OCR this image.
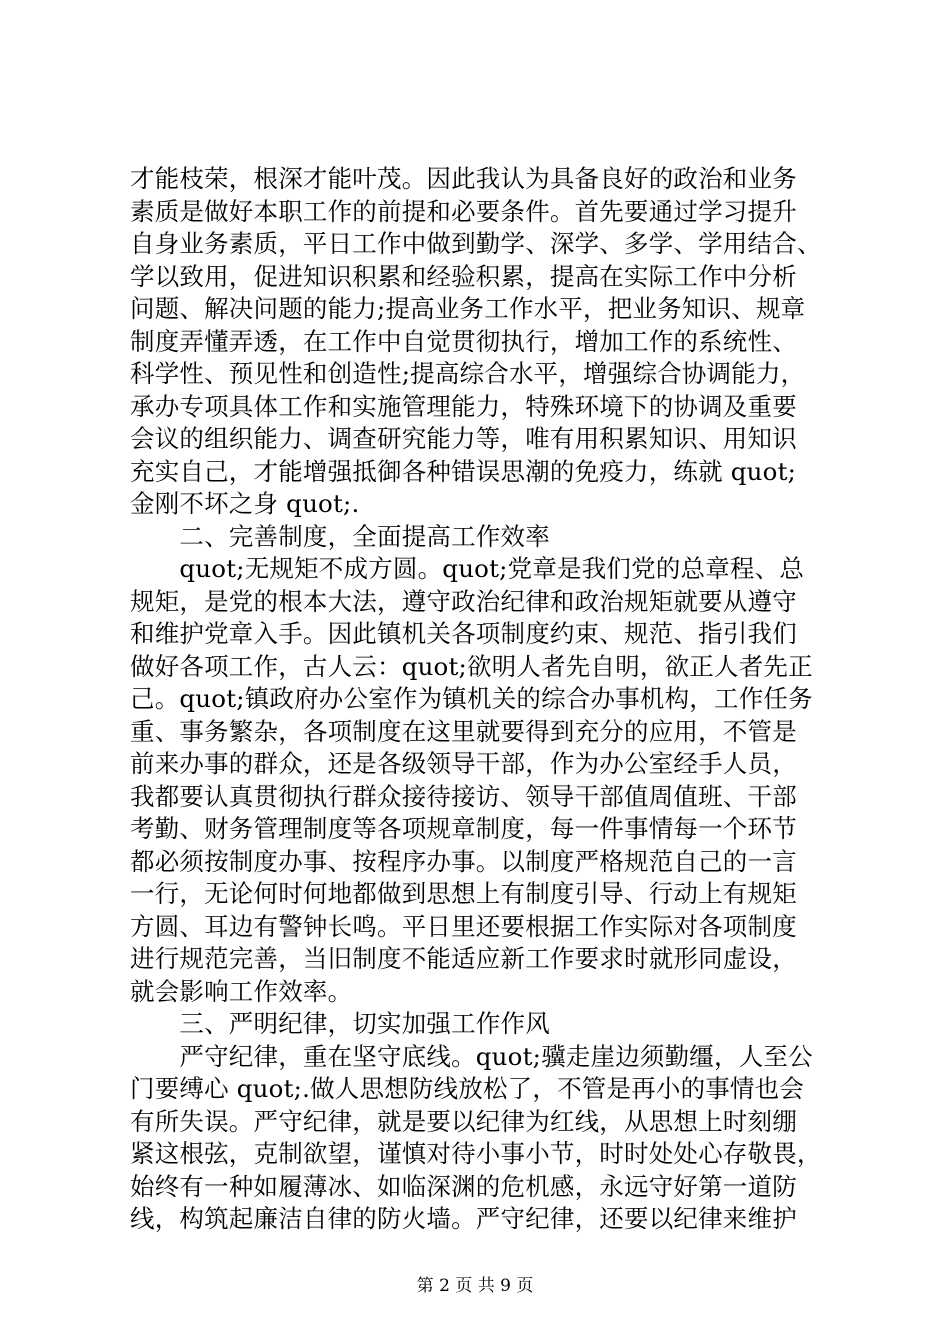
才能枝荣，根深才能叶茂。因此我认为具备良好的政治和业务
素质是做好本职工作的前提和必要条件。首先要通过学习提升
自身业务素质，平日工作中做到勤学、深学、多学、学用结合、
学以致用，促进知识积累和经验积累，提高在实际工作中分析
问题、解决问题的能力;提高业务工作水平，把业务知识、规章
制度弄懂弄透，在工作中自觉贯彻执行，增加工作的系统性、
科学性、预见性和创造性;提高综合水平，增强综合协调能力，
承办专项具体工作和实施管理能力，特殊环境下的协调及重要
会议的组织能力、调查研究能力等，唯有用积累知识、用知识
充实自己，才能增强抵御各种错误思潮的免疫力，练就 quot;
金刚不坏之身 quot;.
　　二、完善制度，全面提高工作效率
　　quot;无规矩不成方圆。quot;党章是我们党的总章程、总
规矩，是党的根本大法，遵守政治纪律和政治规矩就要从遵守
和维护党章入手。因此镇机关各项制度约束、规范、指引我们
做好各项工作，古人云：quot;欲明人者先自明，欲正人者先正
己。quot;镇政府办公室作为镇机关的综合办事机构，工作任务
重、事务繁杂，各项制度在这里就要得到充分的应用，不管是
前来办事的群众，还是各级领导干部，作为办公室经手人员，
我都要认真贯彻执行群众接待接访、领导干部值周值班、干部
考勤、财务管理制度等各项规章制度，每一件事情每一个环节
都必须按制度办事、按程序办事。以制度严格规范自己的一言
一行，无论何时何地都做到思想上有制度引导、行动上有规矩
方圆、耳边有警钟长鸣。平日里还要根据工作实际对各项制度
进行规范完善，当旧制度不能适应新工作要求时就形同虚设，
就会影响工作效率。
　　三、严明纪律，切实加强工作作风
　　严守纪律，重在坚守底线。quot;骥走崖边须勤缰，人至公
门要缚心 quot;.做人思想防线放松了，不管是再小的事情也会
有所失误。严守纪律，就是要以纪律为红线，从思想上时刻绷
紧这根弦，克制欲望，谨慎对待小事小节，时时处处心存敬畏，
始终有一种如履薄冰、如临深渊的危机感，永远守好第一道防
线，构筑起廉洁自律的防火墙。严守纪律，还要以纪律来维护
第 2 页 共 9 页
